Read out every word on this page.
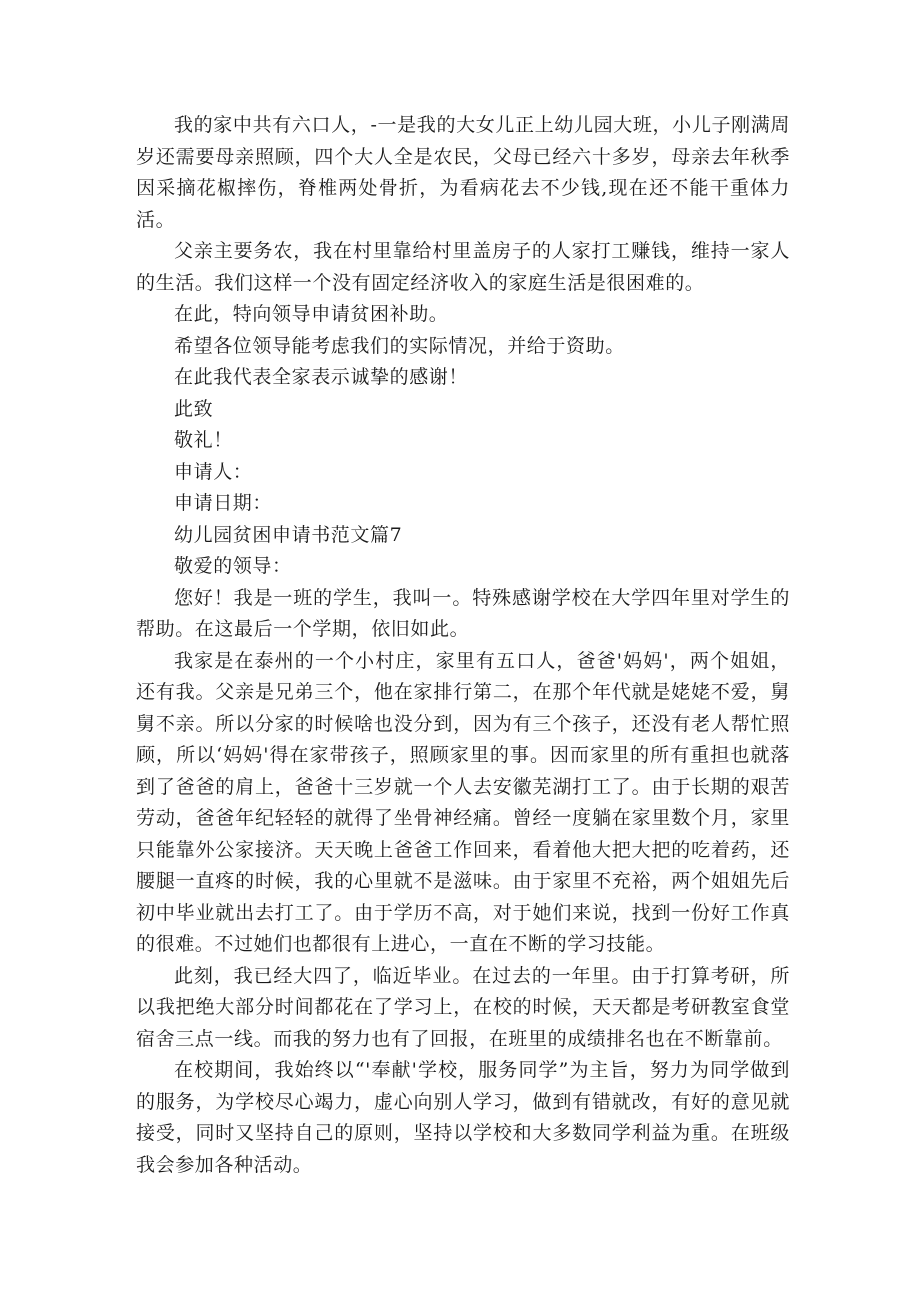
我的家中共有六口人，-一是我的大女儿正上幼儿园大班，小儿子刚满周岁还需要母亲照顾，四个大人全是农民，父母已经六十多岁，母亲去年秋季因采摘花椒摔伤，脊椎两处骨折，为看病花去不少钱,现在还不能干重体力活。

父亲主要务农，我在村里靠给村里盖房子的人家打工赚钱，维持一家人的生活。我们这样一个没有固定经济收入的家庭生活是很困难的。

在此，特向领导申请贫困补助。

希望各位领导能考虑我们的实际情况，并给于资助。

在此我代表全家表示诚挚的感谢！

此致

敬礼！

申请人：

申请日期：

幼儿园贫困申请书范文篇7

敬爱的领导：

您好！我是一班的学生，我叫一。特殊感谢学校在大学四年里对学生的帮助。在这最后一个学期，依旧如此。

我家是在泰州的一个小村庄，家里有五口人，爸爸'妈妈'，两个姐姐，还有我。父亲是兄弟三个，他在家排行第二，在那个年代就是姥姥不爱，舅舅不亲。所以分家的时候啥也没分到，因为有三个孩子，还没有老人帮忙照顾，所以‘妈妈'得在家带孩子，照顾家里的事。因而家里的所有重担也就落到了爸爸的肩上，爸爸十三岁就一个人去安徽芜湖打工了。由于长期的艰苦劳动，爸爸年纪轻轻的就得了坐骨神经痛。曾经一度躺在家里数个月，家里只能靠外公家接济。天天晚上爸爸工作回来，看着他大把大把的吃着药，还腰腿一直疼的时候，我的心里就不是滋味。由于家里不充裕，两个姐姐先后初中毕业就出去打工了。由于学历不高，对于她们来说，找到一份好工作真的很难。不过她们也都很有上进心，一直在不断的学习技能。

此刻，我已经大四了，临近毕业。在过去的一年里。由于打算考研，所以我把绝大部分时间都花在了学习上，在校的时候，天天都是考研教室食堂宿舍三点一线。而我的努力也有了回报，在班里的成绩排名也在不断靠前。

在校期间，我始终以“'奉献'学校，服务同学”为主旨，努力为同学做到的服务，为学校尽心竭力，虚心向别人学习，做到有错就改，有好的意见就接受，同时又坚持自己的原则，坚持以学校和大多数同学利益为重。在班级我会参加各种活动。
